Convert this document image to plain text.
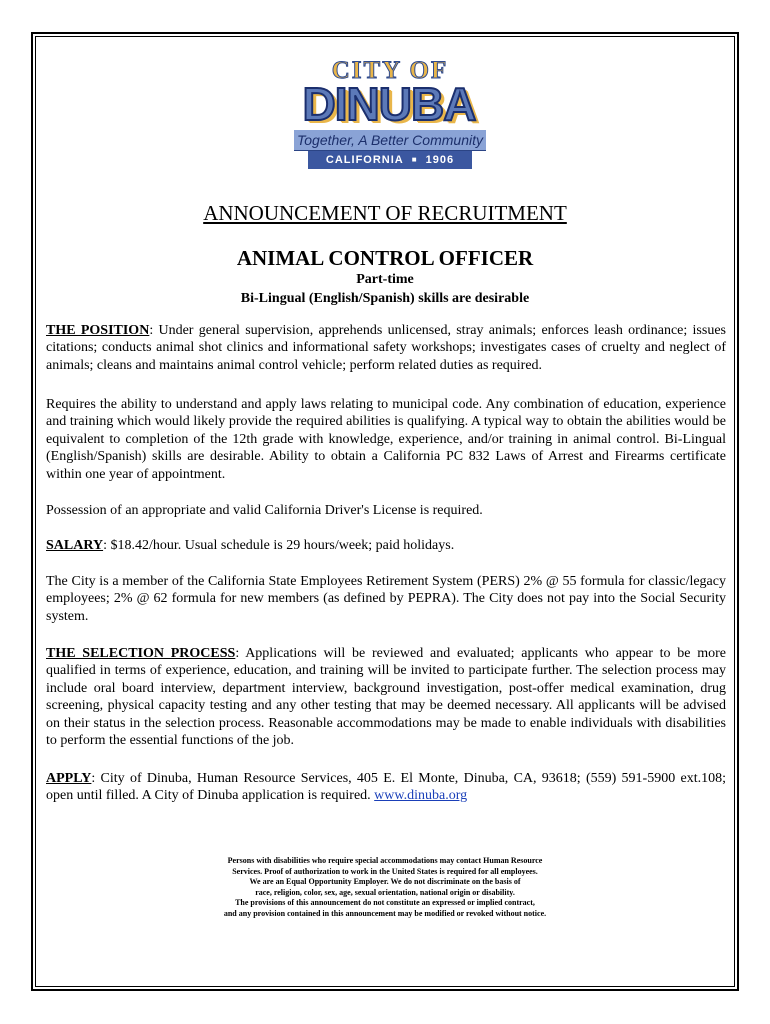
CITY OF
DINUBA
Together, A Better Community
CALIFORNIA ■ 1906
ANNOUNCEMENT OF RECRUITMENT
ANIMAL CONTROL OFFICER
Part-time
Bi-Lingual (English/Spanish) skills are desirable

THE POSITION: Under general supervision, apprehends unlicensed, stray animals; enforces leash ordinance; issues citations; conducts animal shot clinics and informational safety workshops; investigates cases of cruelty and neglect of animals; cleans and maintains animal control vehicle; perform related duties as required.

Requires the ability to understand and apply laws relating to municipal code. Any combination of education, experience and training which would likely provide the required abilities is qualifying. A typical way to obtain the abilities would be equivalent to completion of the 12th grade with knowledge, experience, and/or training in animal control. Bi-Lingual (English/Spanish) skills are desirable. Ability to obtain a California PC 832 Laws of Arrest and Firearms certificate within one year of appointment.

Possession of an appropriate and valid California Driver's License is required.

SALARY: $18.42/hour. Usual schedule is 29 hours/week; paid holidays.

The City is a member of the California State Employees Retirement System (PERS) 2% @ 55 formula for classic/legacy employees; 2% @ 62 formula for new members (as defined by PEPRA). The City does not pay into the Social Security system.

THE SELECTION PROCESS: Applications will be reviewed and evaluated; applicants who appear to be more qualified in terms of experience, education, and training will be invited to participate further. The selection process may include oral board interview, department interview, background investigation, post-offer medical examination, drug screening, physical capacity testing and any other testing that may be deemed necessary. All applicants will be advised on their status in the selection process. Reasonable accommodations may be made to enable individuals with disabilities to perform the essential functions of the job.

APPLY: City of Dinuba, Human Resource Services, 405 E. El Monte, Dinuba, CA, 93618; (559) 591-5900 ext.108; open until filled. A City of Dinuba application is required. www.dinuba.org

Persons with disabilities who require special accommodations may contact Human Resource
Services. Proof of authorization to work in the United States is required for all employees.
We are an Equal Opportunity Employer. We do not discriminate on the basis of
race, religion, color, sex, age, sexual orientation, national origin or disability.
The provisions of this announcement do not constitute an expressed or implied contract,
and any provision contained in this announcement may be modified or revoked without notice.
